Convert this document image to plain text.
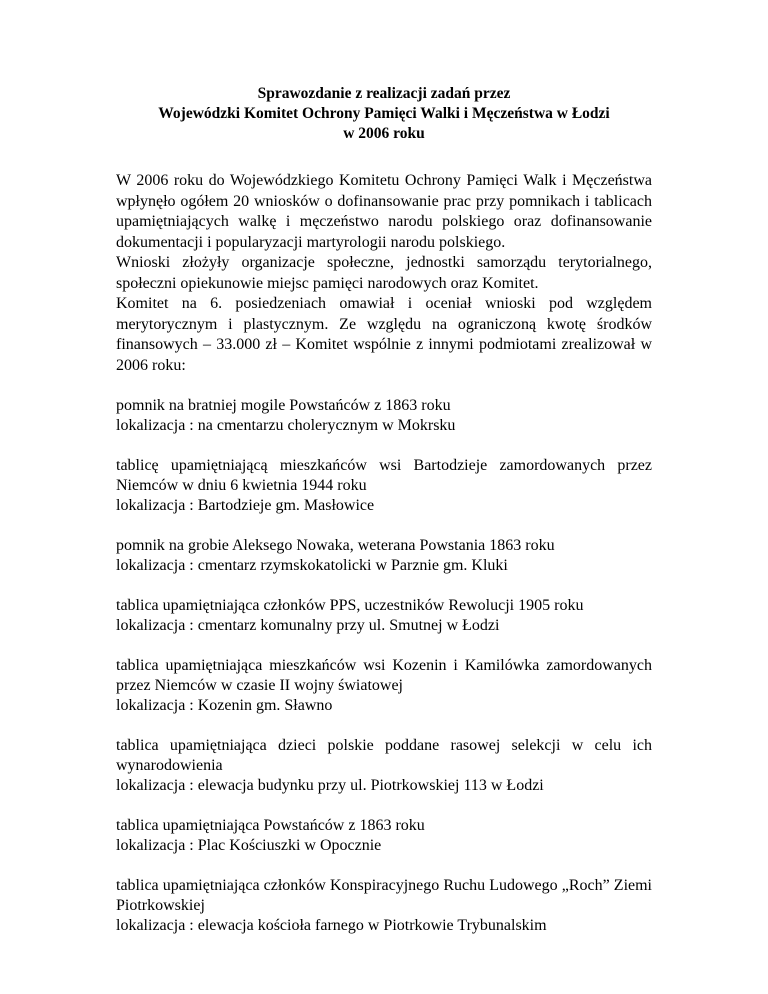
Sprawozdanie z realizacji zadań przez
Wojewódzki Komitet Ochrony Pamięci Walki i Męczeństwa w Łodzi
w 2006 roku

W 2006 roku do Wojewódzkiego Komitetu Ochrony Pamięci Walk i Męczeństwa wpłynęło ogółem 20 wniosków o dofinansowanie prac przy pomnikach i tablicach upamiętniających walkę i męczeństwo narodu polskiego oraz dofinansowanie dokumentacji i popularyzacji martyrologii narodu polskiego.

Wnioski złożyły organizacje społeczne, jednostki samorządu terytorialnego, społeczni opiekunowie miejsc pamięci narodowych oraz Komitet.

Komitet na 6. posiedzeniach omawiał i oceniał wnioski pod względem merytorycznym i plastycznym. Ze względu na ograniczoną kwotę środków finansowych – 33.000 zł – Komitet wspólnie z innymi podmiotami zrealizował w 2006 roku:

pomnik na bratniej mogile Powstańców z 1863 roku

lokalizacja : na cmentarzu cholerycznym w Mokrsku

tablicę upamiętniającą mieszkańców wsi Bartodzieje zamordowanych przez Niemców w dniu 6 kwietnia 1944 roku

lokalizacja : Bartodzieje gm. Masłowice

pomnik na grobie Aleksego Nowaka, weterana Powstania 1863 roku

lokalizacja : cmentarz rzymskokatolicki w Parznie gm. Kluki

tablica upamiętniająca członków PPS, uczestników Rewolucji 1905 roku

lokalizacja : cmentarz komunalny przy ul. Smutnej w Łodzi

tablica upamiętniająca mieszkańców wsi Kozenin i Kamilówka zamordowanych przez Niemców w czasie II wojny światowej

lokalizacja : Kozenin gm. Sławno

tablica upamiętniająca dzieci polskie poddane rasowej selekcji w celu ich wynarodowienia

lokalizacja : elewacja budynku przy ul. Piotrkowskiej 113 w Łodzi

tablica upamiętniająca Powstańców z 1863 roku

lokalizacja : Plac Kościuszki w Opocznie

tablica upamiętniająca członków Konspiracyjnego Ruchu Ludowego „Roch” Ziemi Piotrkowskiej

lokalizacja : elewacja kościoła farnego w Piotrkowie Trybunalskim
